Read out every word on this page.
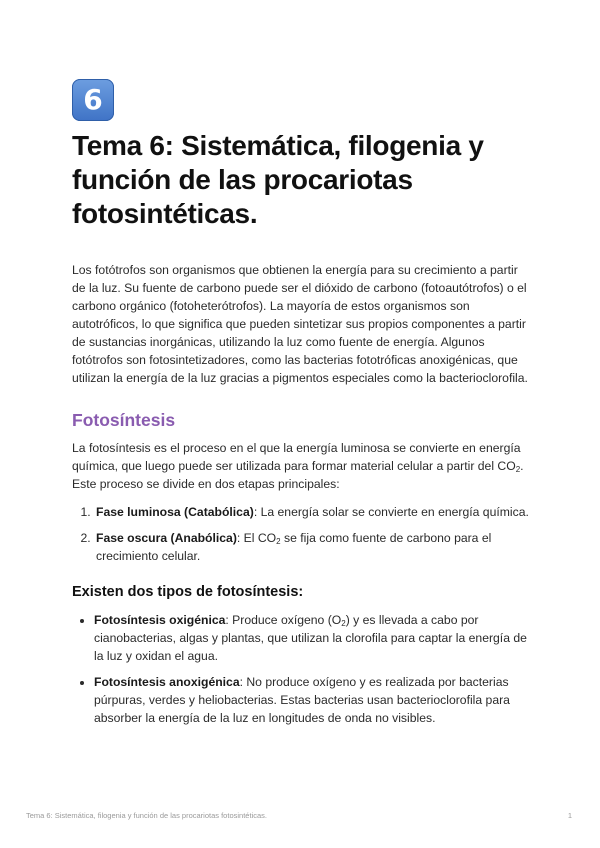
6
Tema 6: Sistemática, filogenia y función de las procariotas fotosintéticas.

Los fotótrofos son organismos que obtienen la energía para su crecimiento a partir de la luz. Su fuente de carbono puede ser el dióxido de carbono (fotoautótrofos) o el carbono orgánico (fotoheterótrofos). La mayoría de estos organismos son autotróficos, lo que significa que pueden sintetizar sus propios componentes a partir de sustancias inorgánicas, utilizando la luz como fuente de energía. Algunos fotótrofos son fotosintetizadores, como las bacterias fototróficas anoxigénicas, que utilizan la energía de la luz gracias a pigmentos especiales como la bacterioclorofila.

Fotosíntesis

La fotosíntesis es el proceso en el que la energía luminosa se convierte en energía química, que luego puede ser utilizada para formar material celular a partir del $CO_2$. Este proceso se divide en dos etapas principales:

1. Fase luminosa (Catabólica): La energía solar se convierte en energía química.
2. Fase oscura (Anabólica): El $CO_2$ se fija como fuente de carbono para el crecimiento celular.
Existen dos tipos de fotosíntesis:
• Fotosíntesis oxigénica: Produce oxígeno $(O_2)$ y es llevada a cabo por cianobacterias, algas y plantas, que utilizan la clorofila para captar la energía de la luz y oxidan el agua.
• Fotosíntesis anoxigénica: No produce oxígeno y es realizada por bacterias púrpuras, verdes y heliobacterias. Estas bacterias usan bacterioclorofila para absorber la energía de la luz en longitudes de onda no visibles.
Tema 6: Sistemática, filogenia y función de las procariotas fotosintéticas.	1
